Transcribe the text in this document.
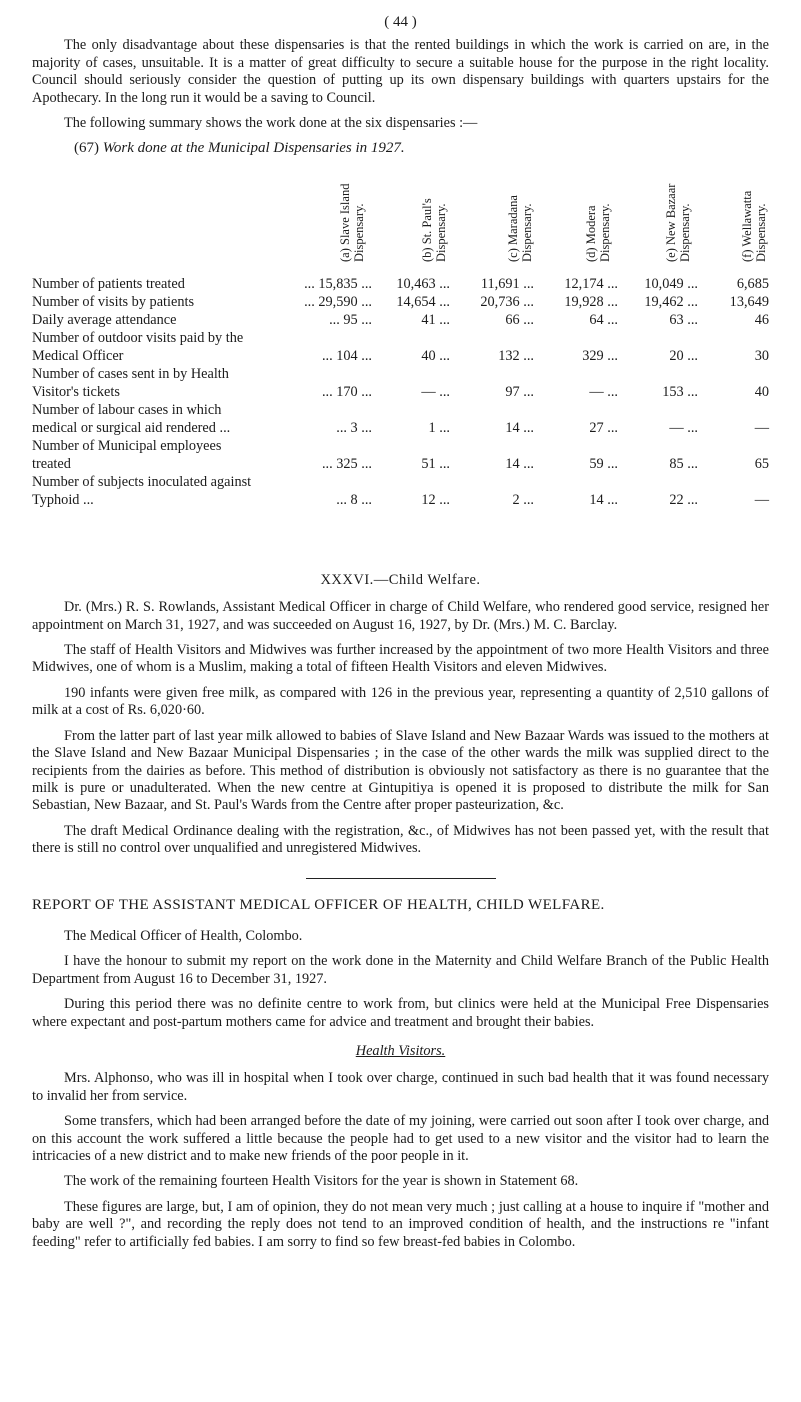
( 44 )

The only disadvantage about these dispensaries is that the rented buildings in which the work is carried on are, in the majority of cases, unsuitable. It is a matter of great difficulty to secure a suitable house for the purpose in the right locality. Council should seriously consider the question of putting up its own dispensary buildings with quarters upstairs for the Apothecary. In the long run it would be a saving to Council.

The following summary shows the work done at the six dispensaries :—

(67) Work done at the Municipal Dispensaries in 1927.
(a) Slave Island Dispensary.	(b) St. Paul's Dispensary.	(c) Maradana Dispensary.	(d) Modera Dispensary.	(e) New Bazaar Dispensary.	(f) Wellawatta Dispensary.
Number of patients treated	... 15,835 ... 10,463 ... 11,691 ... 12,174 ... 10,049 ...	6,685
Number of visits by patients	... 29,590 ... 14,654 ... 20,736 ... 19,928 ... 19,462 ... 13,649
Daily average attendance	... 95 ...	41 ...	66 ...	64 ...	63 ...	46
Number of outdoor visits paid by the
Medical Officer	... 104 ...	40 ...	132 ...	329 ...	20 ...	30
Number of cases sent in by Health
Visitor's tickets	... 170 ...	— ...	97 ...	— ...	153 ...	40
Number of labour cases in which
medical or surgical aid rendered ...	... 3 ...	1 ...	14 ...	27 ...	— ...	—
Number of Municipal employees
treated	... 325 ...	51 ...	14 ...	59 ...	85 ...	65
Number of subjects inoculated against
Typhoid ...	... 8 ...	12 ...	2 ...	14 ...	22 ...	—
XXXVI.—Child Welfare.

Dr. (Mrs.) R. S. Rowlands, Assistant Medical Officer in charge of Child Welfare, who rendered good service, resigned her appointment on March 31, 1927, and was succeeded on August 16, 1927, by Dr. (Mrs.) M. C. Barclay.

The staff of Health Visitors and Midwives was further increased by the appointment of two more Health Visitors and three Midwives, one of whom is a Muslim, making a total of fifteen Health Visitors and eleven Midwives.

190 infants were given free milk, as compared with 126 in the previous year, representing a quantity of 2,510 gallons of milk at a cost of Rs. 6,020·60.

From the latter part of last year milk allowed to babies of Slave Island and New Bazaar Wards was issued to the mothers at the Slave Island and New Bazaar Municipal Dispensaries ; in the case of the other wards the milk was supplied direct to the recipients from the dairies as before. This method of distribution is obviously not satisfactory as there is no guarantee that the milk is pure or unadulterated. When the new centre at Gintupitiya is opened it is proposed to distribute the milk for San Sebastian, New Bazaar, and St. Paul's Wards from the Centre after proper pasteurization, &c.

The draft Medical Ordinance dealing with the registration, &c., of Midwives has not been passed yet, with the result that there is still no control over unqualified and unregistered Midwives.

REPORT OF THE ASSISTANT MEDICAL OFFICER OF HEALTH, CHILD WELFARE.

The Medical Officer of Health, Colombo.

I have the honour to submit my report on the work done in the Maternity and Child Welfare Branch of the Public Health Department from August 16 to December 31, 1927.

During this period there was no definite centre to work from, but clinics were held at the Municipal Free Dispensaries where expectant and post-partum mothers came for advice and treatment and brought their babies.

Health Visitors.

Mrs. Alphonso, who was ill in hospital when I took over charge, continued in such bad health that it was found necessary to invalid her from service.

Some transfers, which had been arranged before the date of my joining, were carried out soon after I took over charge, and on this account the work suffered a little because the people had to get used to a new visitor and the visitor had to learn the intricacies of a new district and to make new friends of the poor people in it.

The work of the remaining fourteen Health Visitors for the year is shown in Statement 68.

These figures are large, but, I am of opinion, they do not mean very much ; just calling at a house to inquire if "mother and baby are well ?", and recording the reply does not tend to an improved condition of health, and the instructions re "infant feeding" refer to artificially fed babies. I am sorry to find so few breast-fed babies in Colombo.
